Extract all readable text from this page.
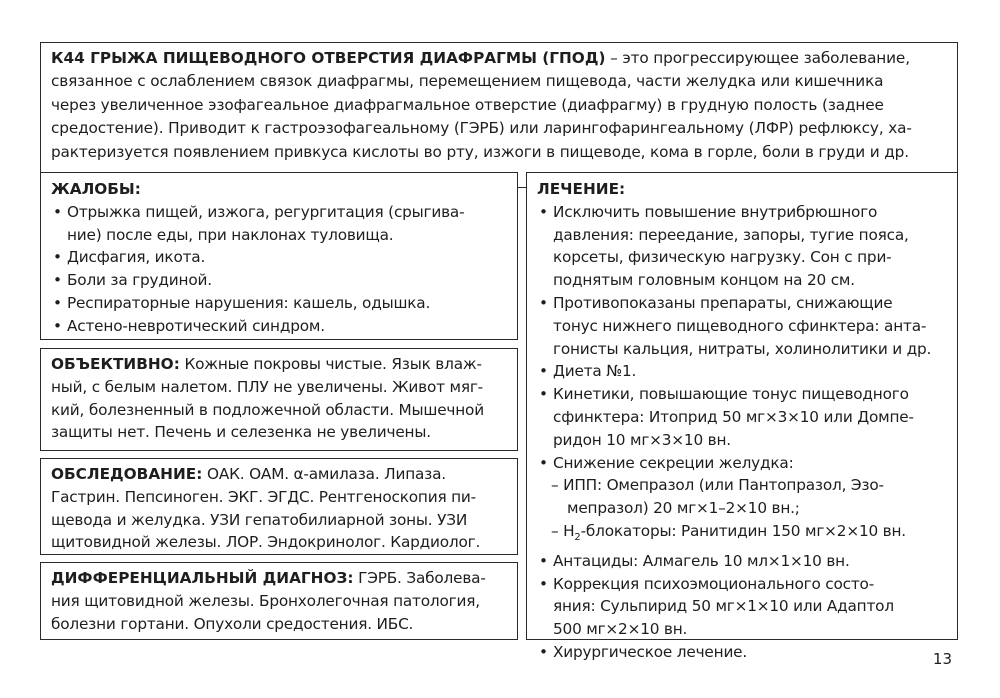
К44 ГРЫЖА ПИЩЕВОДНОГО ОТВЕРСТИЯ ДИАФРАГМЫ (ГПОД) – это прогрессирующее заболевание,
связанное с ослаблением связок диафрагмы, перемещением пищевода, части желудка или кишечника
через увеличенное эзофагеальное диафрагмальное отверстие (диафрагму) в грудную полость (заднее
средостение). Приводит к гастроэзофагеальному (ГЭРБ) или ларингофарингеальному (ЛФР) рефлюксу, ха-
рактеризуется появлением привкуса кислоты во рту, изжоги в пищеводе, кома в горле, боли в груди и др.
ЖАЛОБЫ:
• Отрыжка пищей, изжога, регургитация (срыгива-
ние) после еды, при наклонах туловища.
• Дисфагия, икота.
• Боли за грудиной.
• Респираторные нарушения: кашель, одышка.
• Астено-невротический синдром.
ОБЪЕКТИВНО: Кожные покровы чистые. Язык влаж-
ный, с белым налетом. ПЛУ не увеличены. Живот мяг-
кий, болезненный в подложечной области. Мышечной
защиты нет. Печень и селезенка не увеличены.
ОБСЛЕДОВАНИЕ: ОАК. ОАМ. α-амилаза. Липаза.
Гастрин. Пепсиноген. ЭКГ. ЭГДС. Рентгеноскопия пи-
щевода и желудка. УЗИ гепатобилиарной зоны. УЗИ
щитовидной железы. ЛОР. Эндокринолог. Кардиолог.
ДИФФЕРЕНЦИАЛЬНЫЙ ДИАГНОЗ: ГЭРБ. Заболева-
ния щитовидной железы. Бронхолегочная патология,
болезни гортани. Опухоли средостения. ИБС.
ЛЕЧЕНИЕ:
• Исключить повышение внутрибрюшного
давления: переедание, запоры, тугие пояса,
корсеты, физическую нагрузку. Сон с при-
поднятым головным концом на 20 см.
• Противопоказаны препараты, снижающие
тонус нижнего пищеводного сфинктера: анта-
гонисты кальция, нитраты, холинолитики и др.
• Диета №1.
• Кинетики, повышающие тонус пищеводного
сфинктера: Итоприд 50 мг×3×10 или Домпе-
ридон 10 мг×3×10 вн.
• Снижение секреции желудка:
– ИПП: Омепразол (или Пантопразол, Эзо-
мепразол) 20 мг×1–2×10 вн.;
– $Н_2$-блокаторы: Ранитидин 150 мг×2×10 вн.
• Антациды: Алмагель 10 мл×1×10 вн.
• Коррекция психоэмоционального состо-
яния: Сульпирид 50 мг×1×10 или Адаптол
500 мг×2×10 вн.
• Хирургическое лечение.	13
